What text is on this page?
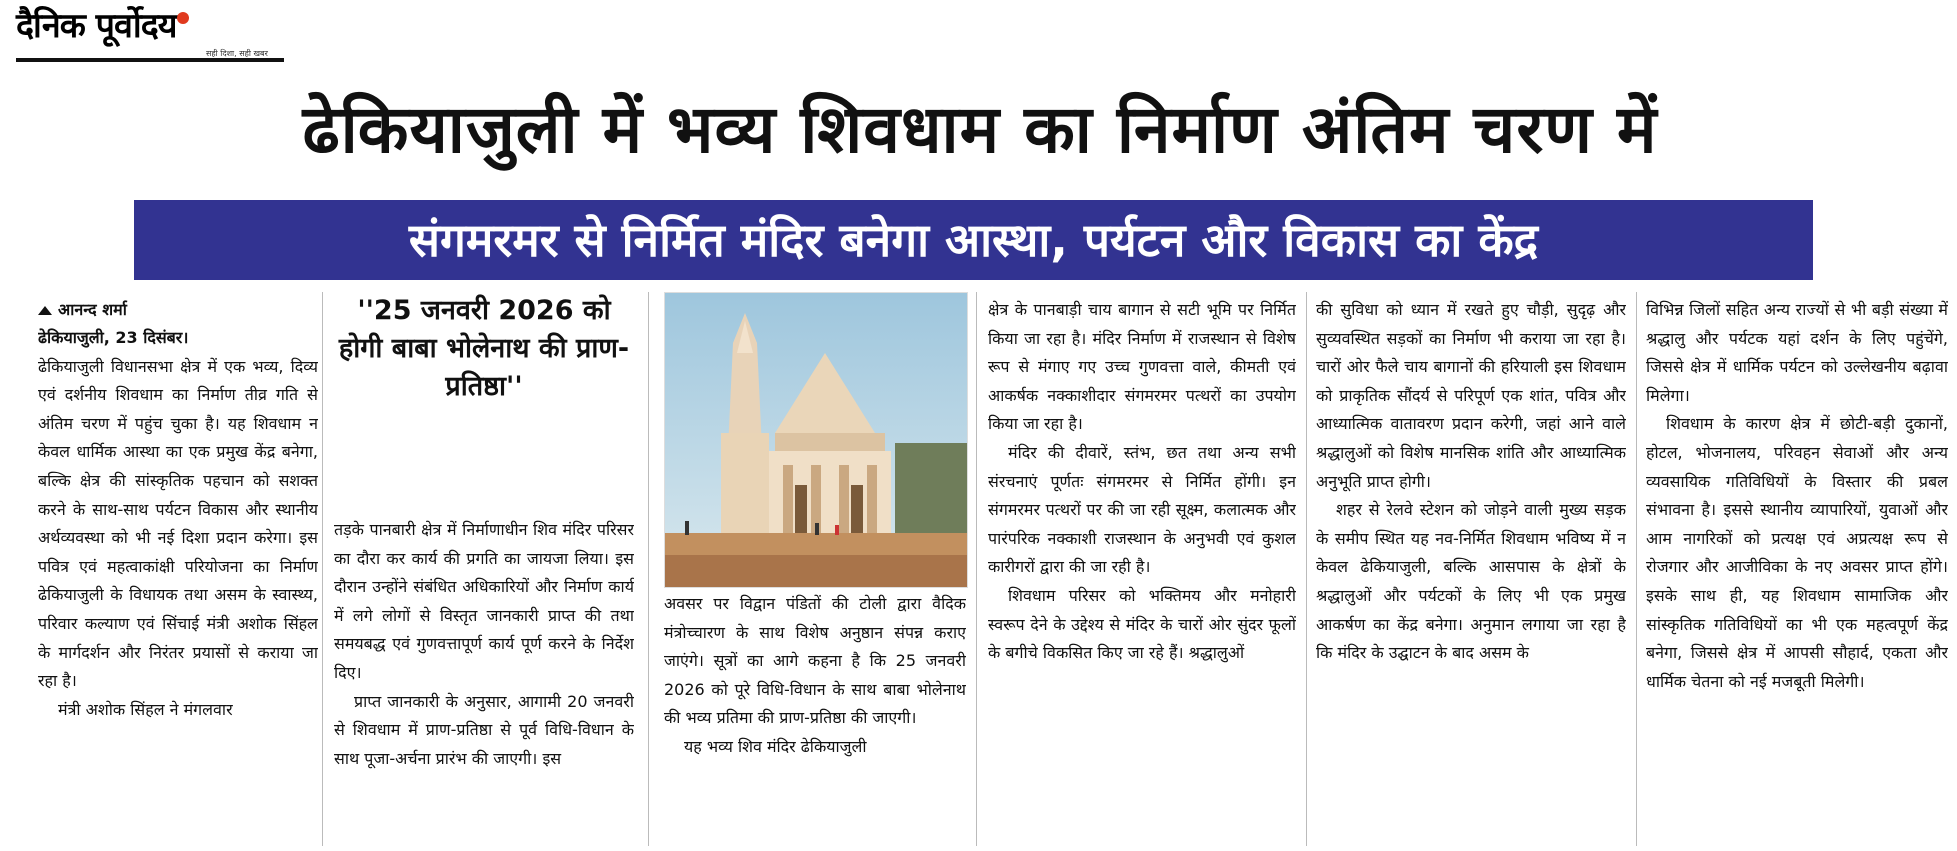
दैनिक पूर्वोदय
सही दिशा, सही खबर
ढेकियाजुली में भव्य शिवधाम का निर्माण अंतिम चरण में
संगमरमर से निर्मित मंदिर बनेगा आस्था, पर्यटन और विकास का केंद्र
आनन्द शर्मा

ढेकियाजुली, 23 दिसंबर।

ढेकियाजुली विधानसभा क्षेत्र में एक भव्य, दिव्य एवं दर्शनीय शिवधाम का निर्माण तीव्र गति से अंतिम चरण में पहुंच चुका है। यह शिवधाम न केवल धार्मिक आस्था का एक प्रमुख केंद्र बनेगा, बल्कि क्षेत्र की सांस्कृतिक पहचान को सशक्त करने के साथ-साथ पर्यटन विकास और स्थानीय अर्थव्यवस्था को भी नई दिशा प्रदान करेगा। इस पवित्र एवं महत्वाकांक्षी परियोजना का निर्माण ढेकियाजुली के विधायक तथा असम के स्वास्थ्य, परिवार कल्याण एवं सिंचाई मंत्री अशोक सिंहल के मार्गदर्शन और निरंतर प्रयासों से कराया जा रहा है।

मंत्री अशोक सिंहल ने मंगलवार

''25 जनवरी 2026 को होगी बाबा भोलेनाथ की प्राण-प्रतिष्ठा''

तड़के पानबारी क्षेत्र में निर्माणाधीन शिव मंदिर परिसर का दौरा कर कार्य की प्रगति का जायजा लिया। इस दौरान उन्होंने संबंधित अधिकारियों और निर्माण कार्य में लगे लोगों से विस्तृत जानकारी प्राप्त की तथा समयबद्ध एवं गुणवत्तापूर्ण कार्य पूर्ण करने के निर्देश दिए।

प्राप्त जानकारी के अनुसार, आगामी 20 जनवरी से शिवधाम में प्राण-प्रतिष्ठा से पूर्व विधि-विधान के साथ पूजा-अर्चना प्रारंभ की जाएगी। इस

अवसर पर विद्वान पंडितों की टोली द्वारा वैदिक मंत्रोच्चारण के साथ विशेष अनुष्ठान संपन्न कराए जाएंगे। सूत्रों का आगे कहना है कि 25 जनवरी 2026 को पूरे विधि-विधान के साथ बाबा भोलेनाथ की भव्य प्रतिमा की प्राण-प्रतिष्ठा की जाएगी।

यह भव्य शिव मंदिर ढेकियाजुली

क्षेत्र के पानबाड़ी चाय बागान से सटी भूमि पर निर्मित किया जा रहा है। मंदिर निर्माण में राजस्थान से विशेष रूप से मंगाए गए उच्च गुणवत्ता वाले, कीमती एवं आकर्षक नक्काशीदार संगमरमर पत्थरों का उपयोग किया जा रहा है।

मंदिर की दीवारें, स्तंभ, छत तथा अन्य सभी संरचनाएं पूर्णतः संगमरमर से निर्मित होंगी। इन संगमरमर पत्थरों पर की जा रही सूक्ष्म, कलात्मक और पारंपरिक नक्काशी राजस्थान के अनुभवी एवं कुशल कारीगरों द्वारा की जा रही है।

शिवधाम परिसर को भक्तिमय और मनोहारी स्वरूप देने के उद्देश्य से मंदिर के चारों ओर सुंदर फूलों के बगीचे विकसित किए जा रहे हैं। श्रद्धालुओं

की सुविधा को ध्यान में रखते हुए चौड़ी, सुदृढ़ और सुव्यवस्थित सड़कों का निर्माण भी कराया जा रहा है। चारों ओर फैले चाय बागानों की हरियाली इस शिवधाम को प्राकृतिक सौंदर्य से परिपूर्ण एक शांत, पवित्र और आध्यात्मिक वातावरण प्रदान करेगी, जहां आने वाले श्रद्धालुओं को विशेष मानसिक शांति और आध्यात्मिक अनुभूति प्राप्त होगी।

शहर से रेलवे स्टेशन को जोड़ने वाली मुख्य सड़क के समीप स्थित यह नव-निर्मित शिवधाम भविष्य में न केवल ढेकियाजुली, बल्कि आसपास के क्षेत्रों के श्रद्धालुओं और पर्यटकों के लिए भी एक प्रमुख आकर्षण का केंद्र बनेगा। अनुमान लगाया जा रहा है कि मंदिर के उद्घाटन के बाद असम के

विभिन्न जिलों सहित अन्य राज्यों से भी बड़ी संख्या में श्रद्धालु और पर्यटक यहां दर्शन के लिए पहुंचेंगे, जिससे क्षेत्र में धार्मिक पर्यटन को उल्लेखनीय बढ़ावा मिलेगा।

शिवधाम के कारण क्षेत्र में छोटी-बड़ी दुकानों, होटल, भोजनालय, परिवहन सेवाओं और अन्य व्यवसायिक गतिविधियों के विस्तार की प्रबल संभावना है। इससे स्थानीय व्यापारियों, युवाओं और आम नागरिकों को प्रत्यक्ष एवं अप्रत्यक्ष रूप से रोजगार और आजीविका के नए अवसर प्राप्त होंगे। इसके साथ ही, यह शिवधाम सामाजिक और सांस्कृतिक गतिविधियों का भी एक महत्वपूर्ण केंद्र बनेगा, जिससे क्षेत्र में आपसी सौहार्द, एकता और धार्मिक चेतना को नई मजबूती मिलेगी।
